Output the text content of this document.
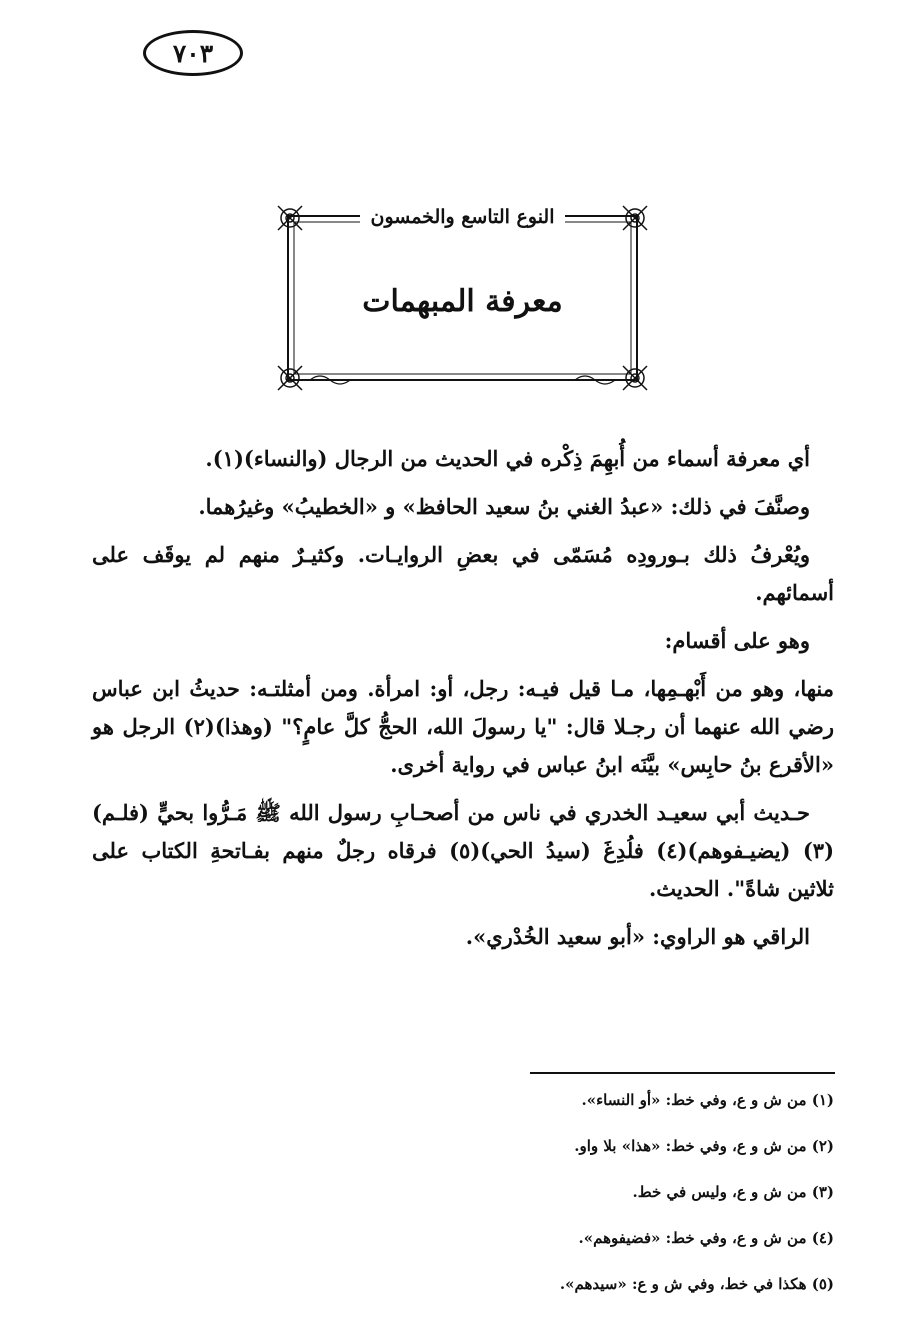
٧٠٣
النوع التاسع والخمسون
معرفة المبهمات

أي معرفة أسماء من أُبهِمَ ذِكْره في الحديث من الرجال (والنساء)(١).

وصنَّفَ في ذلك: «عبدُ الغني بنُ سعيد الحافظ» و «الخطيبُ» وغيرُهما.

ويُعْرفُ ذلك بـورودِه مُسَمّى في بعضِ الروايـات. وكثيـرٌ منهم لم يوقَف على أسمائهم.

وهو على أقسام:

منها، وهو من أَبْهـمِها، مـا قيل فيـه: رجل، أو: امرأة. ومن أمثلتـه: حديثُ ابن عباس رضي الله عنهما أن رجـلا قال: "يا رسولَ الله، الحجُّ كلَّ عامٍ؟" (وهذا)(٢) الرجل هو «الأقرع بنُ حابِس» بيَّنَه ابنُ عباس في رواية أخرى.

حـديث أبي سعيـد الخدري في ناس من أصحـابِ رسول الله ﷺ مَـرُّوا بحيٍّ (فلـم)(٣) (يضيـفوهم)(٤) فلُدِغَ (سيدُ الحي)(٥) فرقاه رجلٌ منهم بفـاتحةِ الكتاب على ثلاثين شاةً". الحديث.

الراقي هو الراوي: «أبو سعيد الخُدْري».

(١) من ش و ع، وفي خط: «أو النساء».
(٢) من ش و ع، وفي خط: «هذا» بلا واو.
(٣) من ش و ع، وليس في خط.
(٤) من ش و ع، وفي خط: «فضيفوهم».
(٥) هكذا في خط، وفي ش و ع: «سيدهم».
